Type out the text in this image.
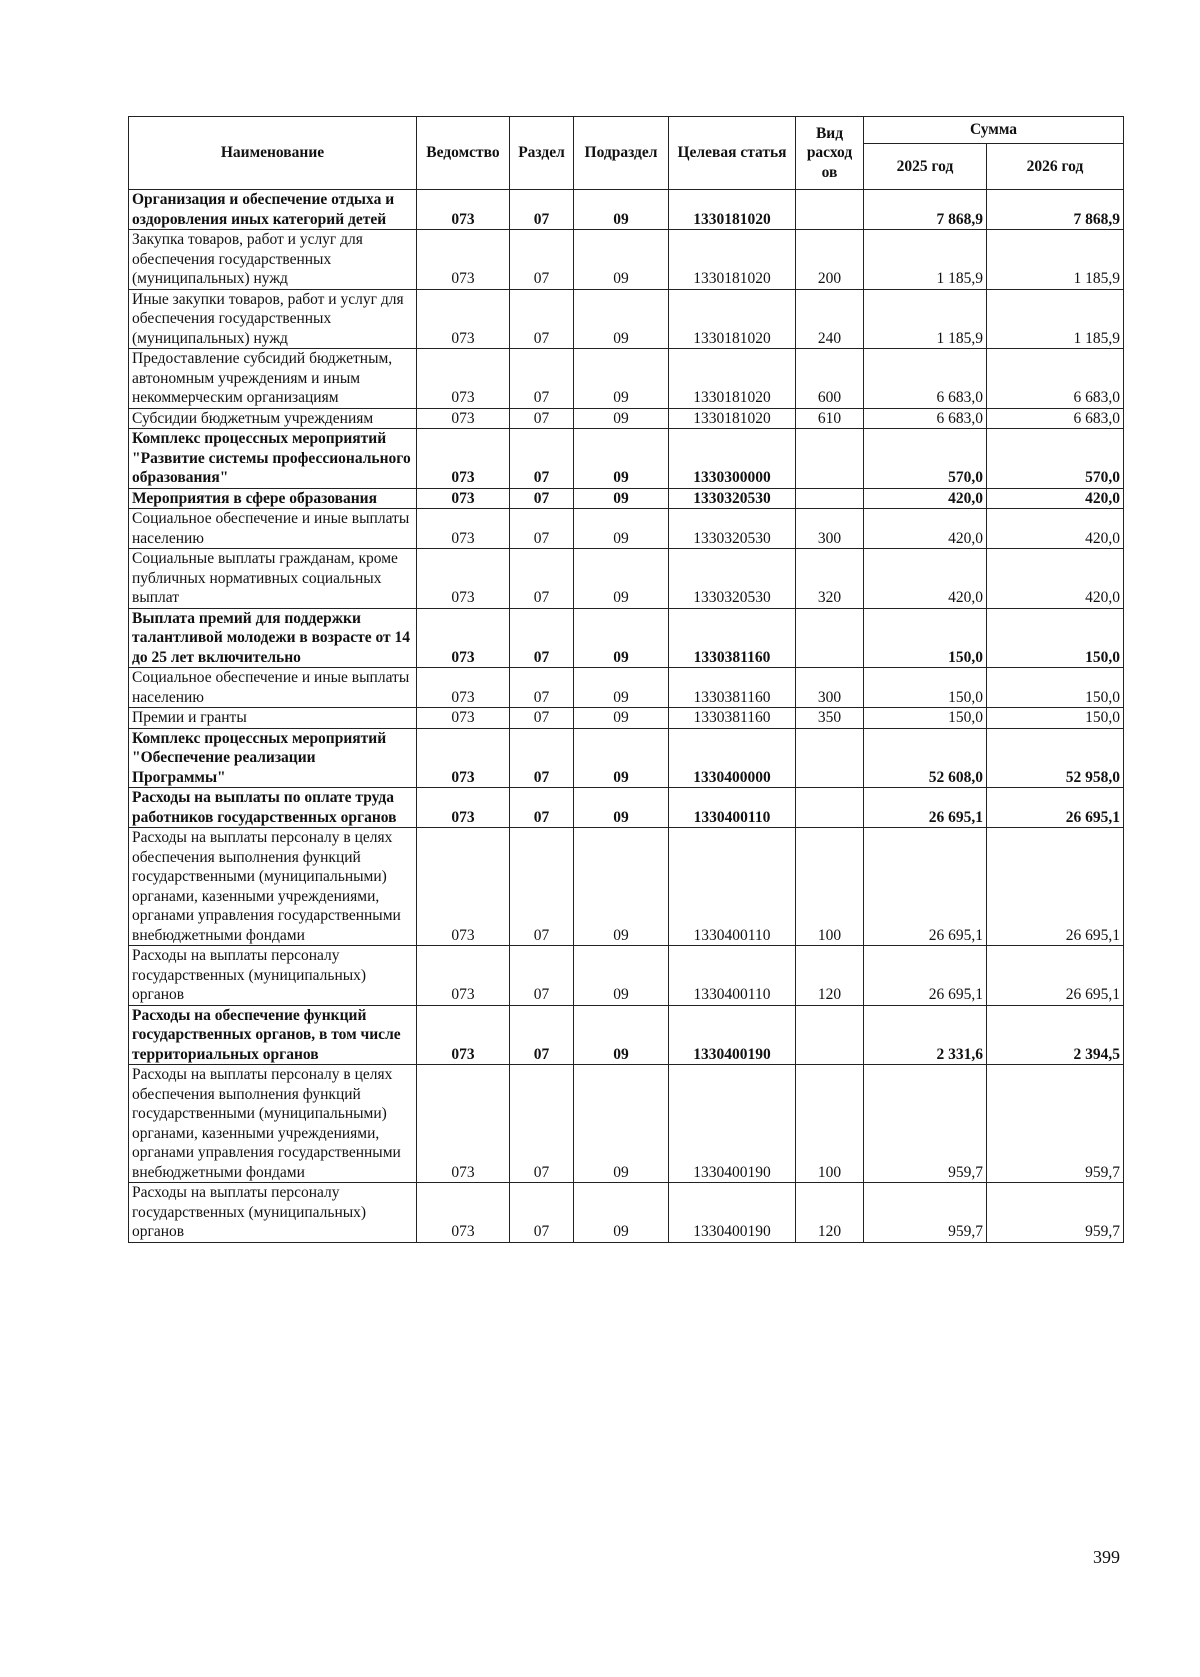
Наименование	Ведомство	Раздел	Подраздел	Целевая статья	Вид расход ов	Сумма	
						2025 год	2026 год
Организация и обеспечение отдыха и оздоровления иных категорий детей	073	07	09	1330181020		7 868,9	7 868,9
Закупка товаров, работ и услуг для обеспечения государственных (муниципальных) нужд	073	07	09	1330181020	200	1 185,9	1 185,9
Иные закупки товаров, работ и услуг для обеспечения государственных (муниципальных) нужд	073	07	09	1330181020	240	1 185,9	1 185,9
Предоставление субсидий бюджетным, автономным учреждениям и иным некоммерческим организациям	073	07	09	1330181020	600	6 683,0	6 683,0
Субсидии бюджетным учреждениям	073	07	09	1330181020	610	6 683,0	6 683,0
Комплекс процессных мероприятий "Развитие системы профессионального образования"	073	07	09	1330300000		570,0	570,0
Мероприятия в сфере образования	073	07	09	1330320530		420,0	420,0
Социальное обеспечение и иные выплаты населению	073	07	09	1330320530	300	420,0	420,0
Социальные выплаты гражданам, кроме публичных нормативных социальных выплат	073	07	09	1330320530	320	420,0	420,0
Выплата премий для поддержки талантливой молодежи в возрасте от 14 до 25 лет включительно	073	07	09	1330381160		150,0	150,0
Социальное обеспечение и иные выплаты населению	073	07	09	1330381160	300	150,0	150,0
Премии и гранты	073	07	09	1330381160	350	150,0	150,0
Комплекс процессных мероприятий "Обеспечение реализации Программы"	073	07	09	1330400000		52 608,0	52 958,0
Расходы на выплаты по оплате труда работников государственных органов	073	07	09	1330400110		26 695,1	26 695,1
Расходы на выплаты персоналу в целях обеспечения выполнения функций государственными (муниципальными) органами, казенными учреждениями, органами управления государственными внебюджетными фондами	073	07	09	1330400110	100	26 695,1	26 695,1
Расходы на выплаты персоналу государственных (муниципальных) органов	073	07	09	1330400110	120	26 695,1	26 695,1
Расходы на обеспечение функций государственных органов, в том числе территориальных органов	073	07	09	1330400190		2 331,6	2 394,5
Расходы на выплаты персоналу в целях обеспечения выполнения функций государственными (муниципальными) органами, казенными учреждениями, органами управления государственными внебюджетными фондами	073	07	09	1330400190	100	959,7	959,7
Расходы на выплаты персоналу государственных (муниципальных) органов	073	07	09	1330400190	120	959,7	959,7
399
